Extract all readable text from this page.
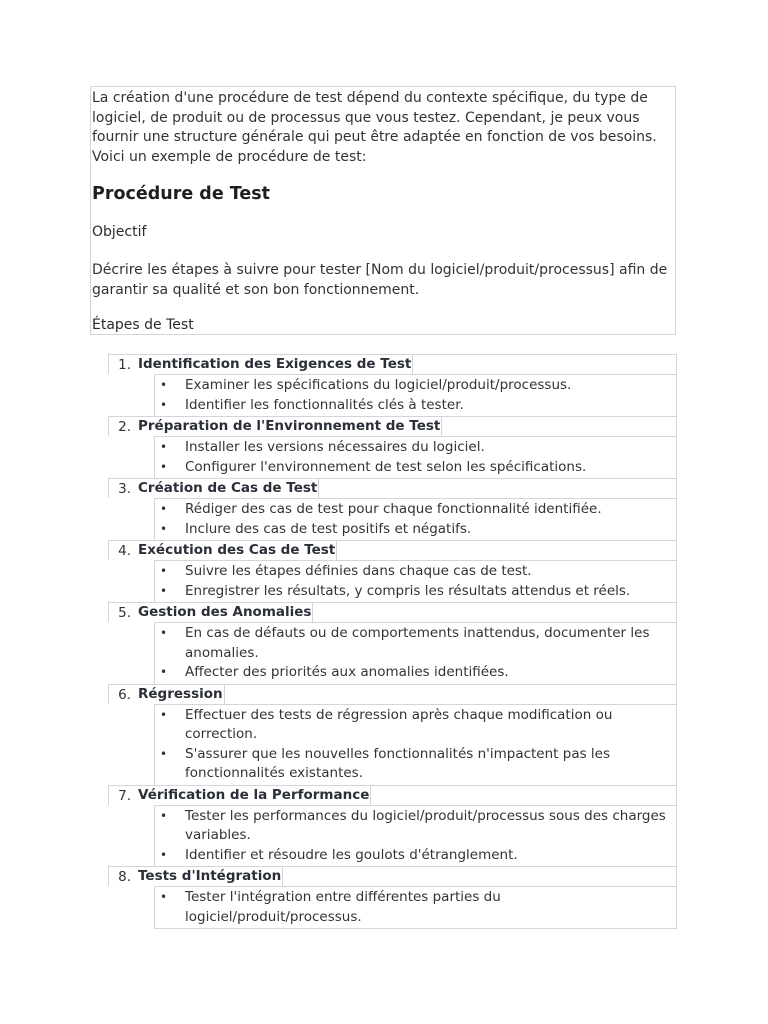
La création d'une procédure de test dépend du contexte spécifique, du type de logiciel, de produit ou de processus que vous testez. Cependant, je peux vous fournir une structure générale qui peut être adaptée en fonction de vos besoins. Voici un exemple de procédure de test:

Procédure de Test

Objectif

Décrire les étapes à suivre pour tester [Nom du logiciel/produit/processus] afin de garantir sa qualité et son bon fonctionnement.

Étapes de Test

1. Identification des Exigences de Test
• Examiner les spécifications du logiciel/produit/processus.
• Identifier les fonctionnalités clés à tester.
2. Préparation de l'Environnement de Test
• Installer les versions nécessaires du logiciel.
• Configurer l'environnement de test selon les spécifications.
3. Création de Cas de Test
• Rédiger des cas de test pour chaque fonctionnalité identifiée.
• Inclure des cas de test positifs et négatifs.
4. Exécution des Cas de Test
• Suivre les étapes définies dans chaque cas de test.
• Enregistrer les résultats, y compris les résultats attendus et réels.
5. Gestion des Anomalies
• En cas de défauts ou de comportements inattendus, documenter les anomalies.
• Affecter des priorités aux anomalies identifiées.
6. Régression
• Effectuer des tests de régression après chaque modification ou correction.
• S'assurer que les nouvelles fonctionnalités n'impactent pas les fonctionnalités existantes.
7. Vérification de la Performance
• Tester les performances du logiciel/produit/processus sous des charges variables.
• Identifier et résoudre les goulots d'étranglement.
8. Tests d'Intégration
• Tester l'intégration entre différentes parties du logiciel/produit/processus.
